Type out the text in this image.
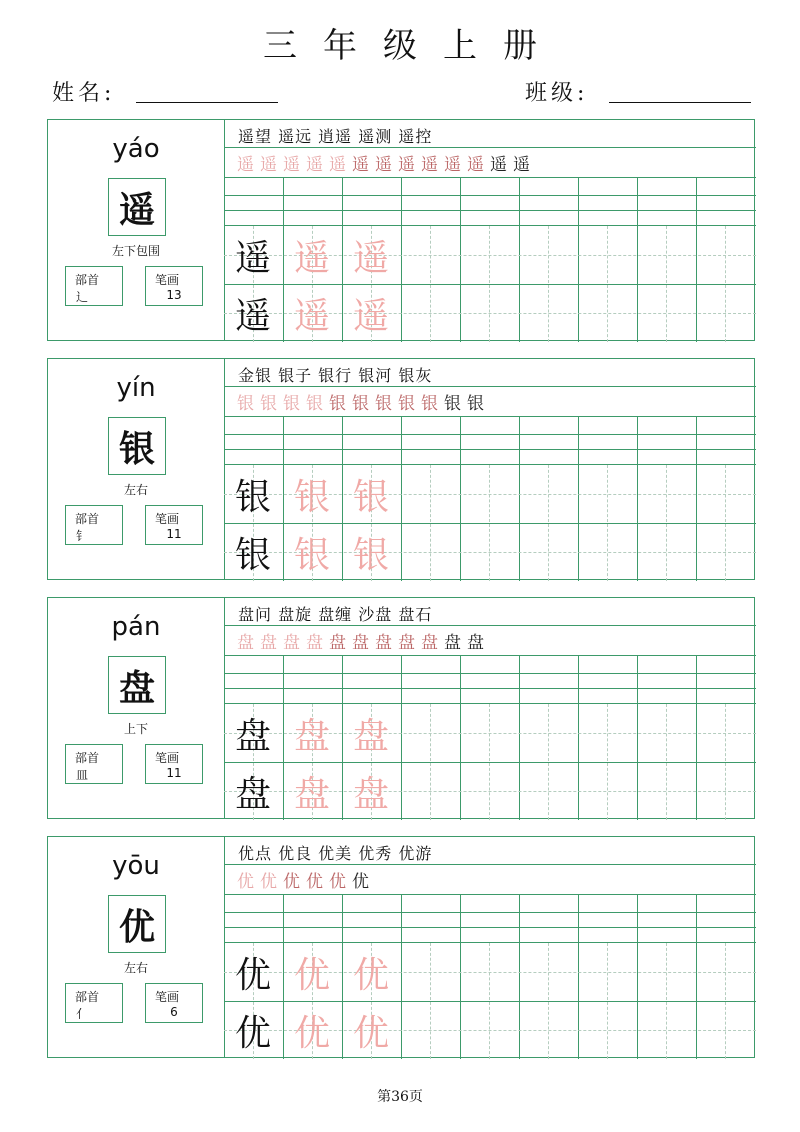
三年级上册
姓名:	班级:
yáo
遥
左下包围
部首
辶
笔画
13
遥望 遥远 逍遥 遥测 遥控
遥 遥 遥 遥 遥 遥 遥 遥 遥 遥 遥 遥 遥
遥 遥 遥
遥 遥 遥
yín
银
左右
部首
钅
笔画
11
金银 银子 银行 银河 银灰
银 银 银 银 银 银 银 银 银 银 银
银 银 银
银 银 银
pán
盘
上下
部首
皿
笔画
11
盘问 盘旋 盘缠 沙盘 盘石
盘 盘 盘 盘 盘 盘 盘 盘 盘 盘 盘
盘 盘 盘
盘 盘 盘
yōu
优
左右
部首
亻
笔画
6
优点 优良 优美 优秀 优游
优 优 优 优 优 优
优 优 优
优 优 优
第36页
